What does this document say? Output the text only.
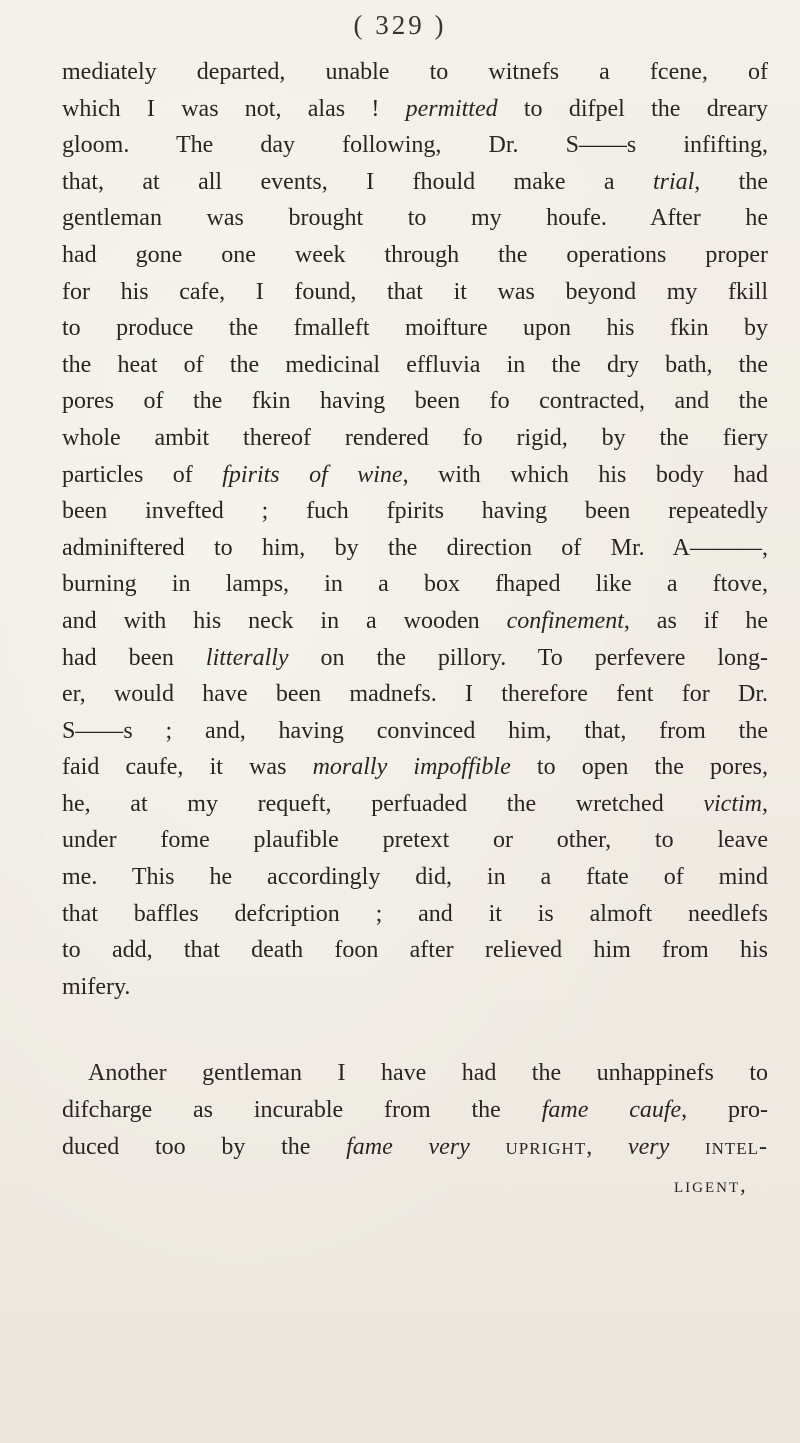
( 329 )
mediately departed, unable to witnefs a fcene, of
which I was not, alas ! permitted to difpel the dreary
gloom. The day following, Dr. S——s infifting,
that, at all events, I fhould make a trial, the
gentleman was brought to my houfe. After he
had gone one week through the operations proper
for his cafe, I found, that it was beyond my fkill
to produce the fmalleft moifture upon his fkin by
the heat of the medicinal effluvia in the dry bath, the
pores of the fkin having been fo contracted, and the
whole ambit thereof rendered fo rigid, by the fiery
particles of fpirits of wine, with which his body had
been invefted ; fuch fpirits having been repeatedly
adminiftered to him, by the direction of Mr. A———,
burning in lamps, in a box fhaped like a ftove,
and with his neck in a wooden confinement, as if he
had been litterally on the pillory. To perfevere long-
er, would have been madnefs. I therefore fent for Dr.
S——s ; and, having convinced him, that, from the
faid caufe, it was morally impoffible to open the pores,
he, at my requeft, perfuaded the wretched victim,
under fome plaufible pretext or other, to leave
me. This he accordingly did, in a ftate of mind
that baffles defcription ; and it is almoft needlefs
to add, that death foon after relieved him from his
mifery.
Another gentleman I have had the unhappinefs to
difcharge as incurable from the fame caufe, pro-
duced too by the fame very upright, very intel-
ligent,
